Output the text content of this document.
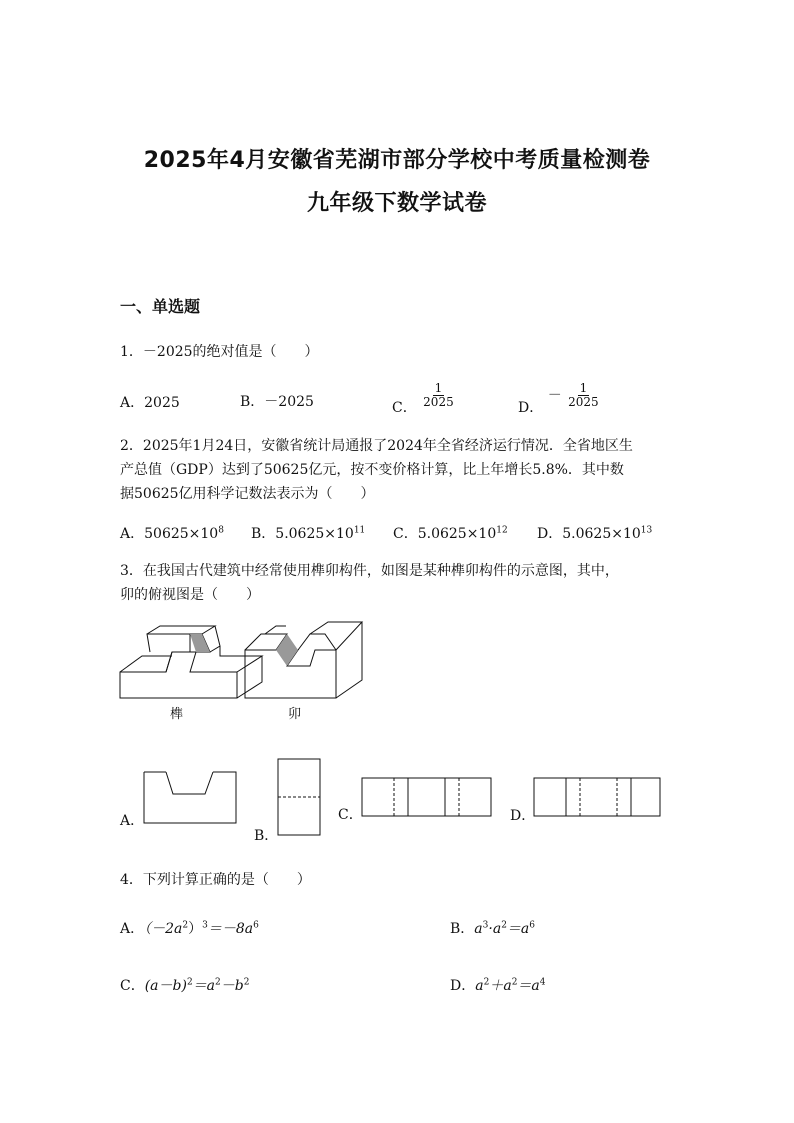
2025年4月安徽省芜湖市部分学校中考质量检测卷
九年级下数学试卷
一、单选题
1．－2025的绝对值是（　　）
A．2025	B．－2025	C． $\frac{1}{2025}$	D． － $\frac{1}{2025}$
2．2025年1月24日，安徽省统计局通报了2024年全省经济运行情况．全省地区生
产总值（GDP）达到了50625亿元，按不变价格计算，比上年增长5.8%．其中数
据50625亿用科学记数法表示为（　　）
A．$50625\times 10^8$ B．$5.0625\times 10^{11}$ C．$5.0625\times 10^{12}$ D．$5.0625\times 10^{13}$
3．在我国古代建筑中经常使用榫卯构件，如图是某种榫卯构件的示意图，其中，
卯的俯视图是（　　）
榫	卯
A．
B．
C．	D．
4．下列计算正确的是（　　）
A．$(-2a^2)^3=-8a^6$	B．$a^3\cdot a^2=a^6$
C．$(a-b)^2=a^2-b^2$	D．$a^2+a^2=a^4$
